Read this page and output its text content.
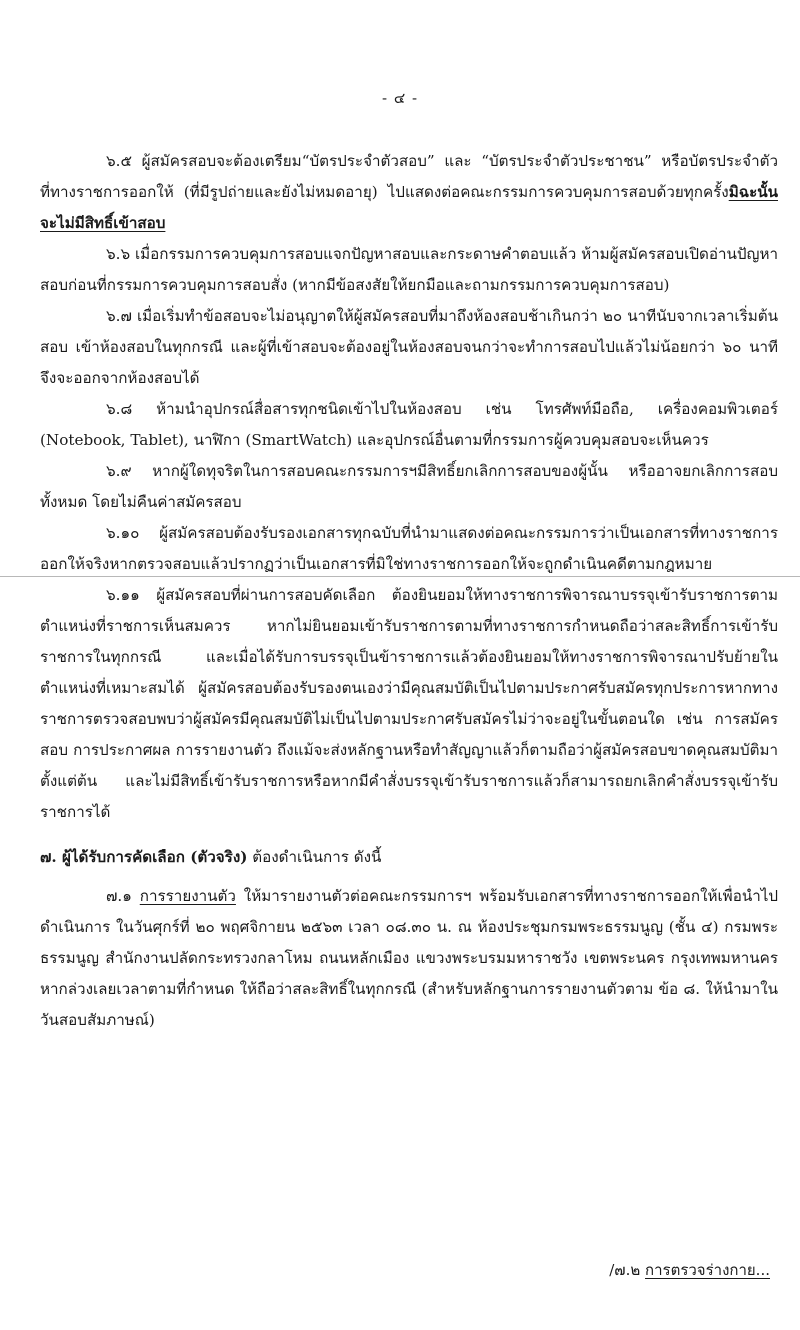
- ๔ -

๖.๕ ผู้สมัครสอบจะต้องเตรียม“บัตรประจำตัวสอบ” และ “บัตรประจำตัวประชาชน” หรือบัตรประจำตัวที่ทางราชการออกให้ (ที่มีรูปถ่ายและยังไม่หมดอายุ) ไปแสดงต่อคณะกรรมการควบคุมการสอบด้วยทุกครั้งมิฉะนั้นจะไม่มีสิทธิ์เข้าสอบ

๖.๖ เมื่อกรรมการควบคุมการสอบแจกปัญหาสอบและกระดาษคำตอบแล้ว ห้ามผู้สมัครสอบเปิดอ่านปัญหาสอบก่อนที่กรรมการควบคุมการสอบสั่ง (หากมีข้อสงสัยให้ยกมือและถามกรรมการควบคุมการสอบ)

๖.๗ เมื่อเริ่มทำข้อสอบจะไม่อนุญาตให้ผู้สมัครสอบที่มาถึงห้องสอบช้าเกินกว่า ๒๐ นาทีนับจากเวลาเริ่มต้นสอบ เข้าห้องสอบในทุกกรณี และผู้ที่เข้าสอบจะต้องอยู่ในห้องสอบจนกว่าจะทำการสอบไปแล้วไม่น้อยกว่า ๖๐ นาที จึงจะออกจากห้องสอบได้

๖.๘ ห้ามนำอุปกรณ์สื่อสารทุกชนิดเข้าไปในห้องสอบ เช่น โทรศัพท์มือถือ, เครื่องคอมพิวเตอร์ (Notebook, Tablet), นาฬิกา (SmartWatch) และอุปกรณ์อื่นตามที่กรรมการผู้ควบคุมสอบจะเห็นควร

๖.๙ หากผู้ใดทุจริตในการสอบคณะกรรมการฯมีสิทธิ์ยกเลิกการสอบของผู้นั้น หรืออาจยกเลิกการสอบทั้งหมด โดยไม่คืนค่าสมัครสอบ

๖.๑๐ ผู้สมัครสอบต้องรับรองเอกสารทุกฉบับที่นำมาแสดงต่อคณะกรรมการว่าเป็นเอกสารที่ทางราชการออกให้จริงหากตรวจสอบแล้วปรากฏว่าเป็นเอกสารที่มิใช่ทางราชการออกให้จะถูกดำเนินคดีตามกฎหมาย

๖.๑๑ ผู้สมัครสอบที่ผ่านการสอบคัดเลือก ต้องยินยอมให้ทางราชการพิจารณาบรรจุเข้ารับราชการตามตำแหน่งที่ราชการเห็นสมควร หากไม่ยินยอมเข้ารับราชการตามที่ทางราชการกำหนดถือว่าสละสิทธิ์การเข้ารับราชการในทุกกรณี และเมื่อได้รับการบรรจุเป็นข้าราชการแล้วต้องยินยอมให้ทางราชการพิจารณาปรับย้ายในตำแหน่งที่เหมาะสมได้ ผู้สมัครสอบต้องรับรองตนเองว่ามีคุณสมบัติเป็นไปตามประกาศรับสมัครทุกประการหากทางราชการตรวจสอบพบว่าผู้สมัครมีคุณสมบัติไม่เป็นไปตามประกาศรับสมัครไม่ว่าจะอยู่ในขั้นตอนใด เช่น การสมัครสอบ การประกาศผล การรายงานตัว ถึงแม้จะส่งหลักฐานหรือทำสัญญาแล้วก็ตามถือว่าผู้สมัครสอบขาดคุณสมบัติมาตั้งแต่ต้น และไม่มีสิทธิ์เข้ารับราชการหรือหากมีคำสั่งบรรจุเข้ารับราชการแล้วก็สามารถยกเลิกคำสั่งบรรจุเข้ารับราชการได้

๗. ผู้ได้รับการคัดเลือก (ตัวจริง) ต้องดำเนินการ ดังนี้

๗.๑ การรายงานตัว ให้มารายงานตัวต่อคณะกรรมการฯ พร้อมรับเอกสารที่ทางราชการออกให้เพื่อนำไปดำเนินการ ในวันศุกร์ที่ ๒๐ พฤศจิกายน ๒๕๖๓ เวลา ๐๘.๓๐ น. ณ ห้องประชุมกรมพระธรรมนูญ (ชั้น ๔) กรมพระธรรมนูญ สำนักงานปลัดกระทรวงกลาโหม ถนนหลักเมือง แขวงพระบรมมหาราชวัง เขตพระนคร กรุงเทพมหานคร หากล่วงเลยเวลาตามที่กำหนด ให้ถือว่าสละสิทธิ์ในทุกกรณี (สำหรับหลักฐานการรายงานตัวตาม ข้อ ๘. ให้นำมาในวันสอบสัมภาษณ์)

/๗.๒ การตรวจร่างกาย...
